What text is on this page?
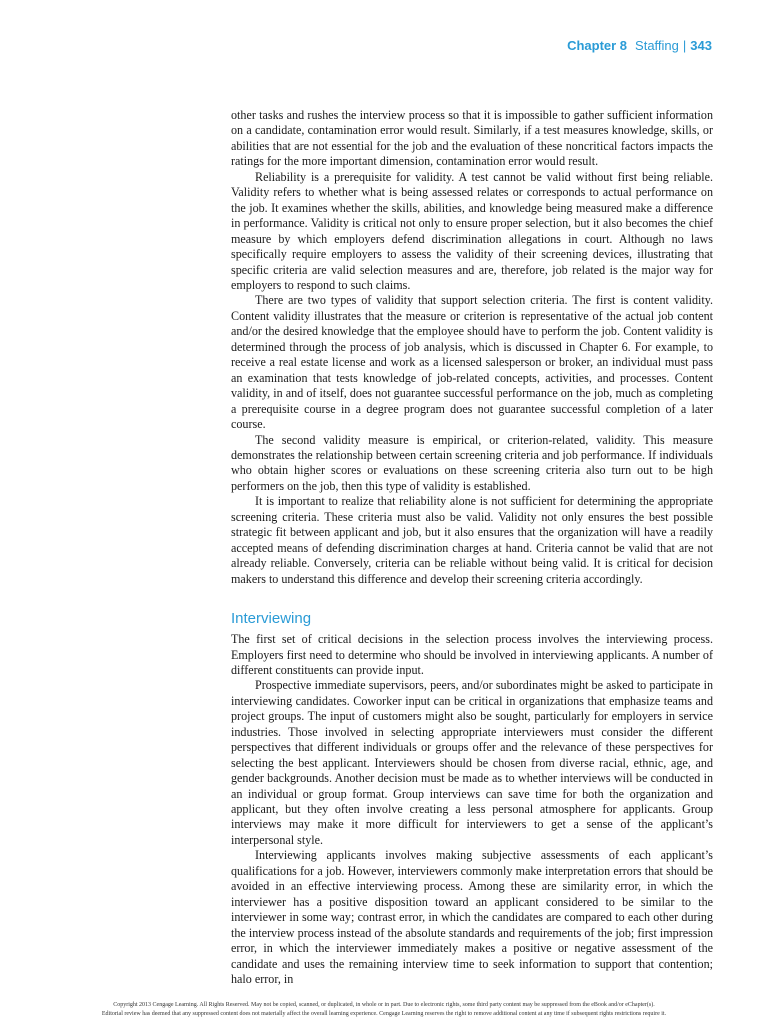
Chapter 8 Staffing | 343

other tasks and rushes the interview process so that it is impossible to gather sufficient information on a candidate, contamination error would result. Similarly, if a test measures knowledge, skills, or abilities that are not essential for the job and the evaluation of these noncritical factors impacts the ratings for the more important dimension, contamination error would result.

Reliability is a prerequisite for validity. A test cannot be valid without first being reliable. Validity refers to whether what is being assessed relates or corresponds to actual performance on the job. It examines whether the skills, abilities, and knowledge being measured make a difference in performance. Validity is critical not only to ensure proper selection, but it also becomes the chief measure by which employers defend discrimination allegations in court. Although no laws specifically require employers to assess the validity of their screening devices, illustrating that specific criteria are valid selection measures and are, therefore, job related is the major way for employers to respond to such claims.

There are two types of validity that support selection criteria. The first is content validity. Content validity illustrates that the measure or criterion is representative of the actual job content and/or the desired knowledge that the employee should have to perform the job. Content validity is determined through the process of job analysis, which is discussed in Chapter 6. For example, to receive a real estate license and work as a licensed salesperson or broker, an individual must pass an examination that tests knowledge of job-related concepts, activities, and processes. Content validity, in and of itself, does not guarantee successful performance on the job, much as completing a prerequisite course in a degree program does not guarantee successful completion of a later course.

The second validity measure is empirical, or criterion-related, validity. This measure demonstrates the relationship between certain screening criteria and job performance. If individuals who obtain higher scores or evaluations on these screening criteria also turn out to be high performers on the job, then this type of validity is established.

It is important to realize that reliability alone is not sufficient for determining the appropriate screening criteria. These criteria must also be valid. Validity not only ensures the best possible strategic fit between applicant and job, but it also ensures that the organization will have a readily accepted means of defending discrimination charges at hand. Criteria cannot be valid that are not already reliable. Conversely, criteria can be reliable without being valid. It is critical for decision makers to understand this difference and develop their screening criteria accordingly.

Interviewing

The first set of critical decisions in the selection process involves the interviewing process. Employers first need to determine who should be involved in interviewing applicants. A number of different constituents can provide input.

Prospective immediate supervisors, peers, and/or subordinates might be asked to participate in interviewing candidates. Coworker input can be critical in organizations that emphasize teams and project groups. The input of customers might also be sought, particularly for employers in service industries. Those involved in selecting appropriate interviewers must consider the different perspectives that different individuals or groups offer and the relevance of these perspectives for selecting the best applicant. Interviewers should be chosen from diverse racial, ethnic, age, and gender backgrounds. Another decision must be made as to whether interviews will be conducted in an individual or group format. Group interviews can save time for both the organization and applicant, but they often involve creating a less personal atmosphere for applicants. Group interviews may make it more difficult for interviewers to get a sense of the applicant’s interpersonal style.

Interviewing applicants involves making subjective assessments of each applicant’s qualifications for a job. However, interviewers commonly make interpretation errors that should be avoided in an effective interviewing process. Among these are similarity error, in which the interviewer has a positive disposition toward an applicant considered to be similar to the interviewer in some way; contrast error, in which the candidates are compared to each other during the interview process instead of the absolute standards and requirements of the job; first impression error, in which the interviewer immediately makes a positive or negative assessment of the candidate and uses the remaining interview time to seek information to support that contention; halo error, in

Copyright 2013 Cengage Learning. All Rights Reserved. May not be copied, scanned, or duplicated, in whole or in part. Due to electronic rights, some third party content may be suppressed from the eBook and/or eChapter(s).
Editorial review has deemed that any suppressed content does not materially affect the overall learning experience. Cengage Learning reserves the right to remove additional content at any time if subsequent rights restrictions require it.
